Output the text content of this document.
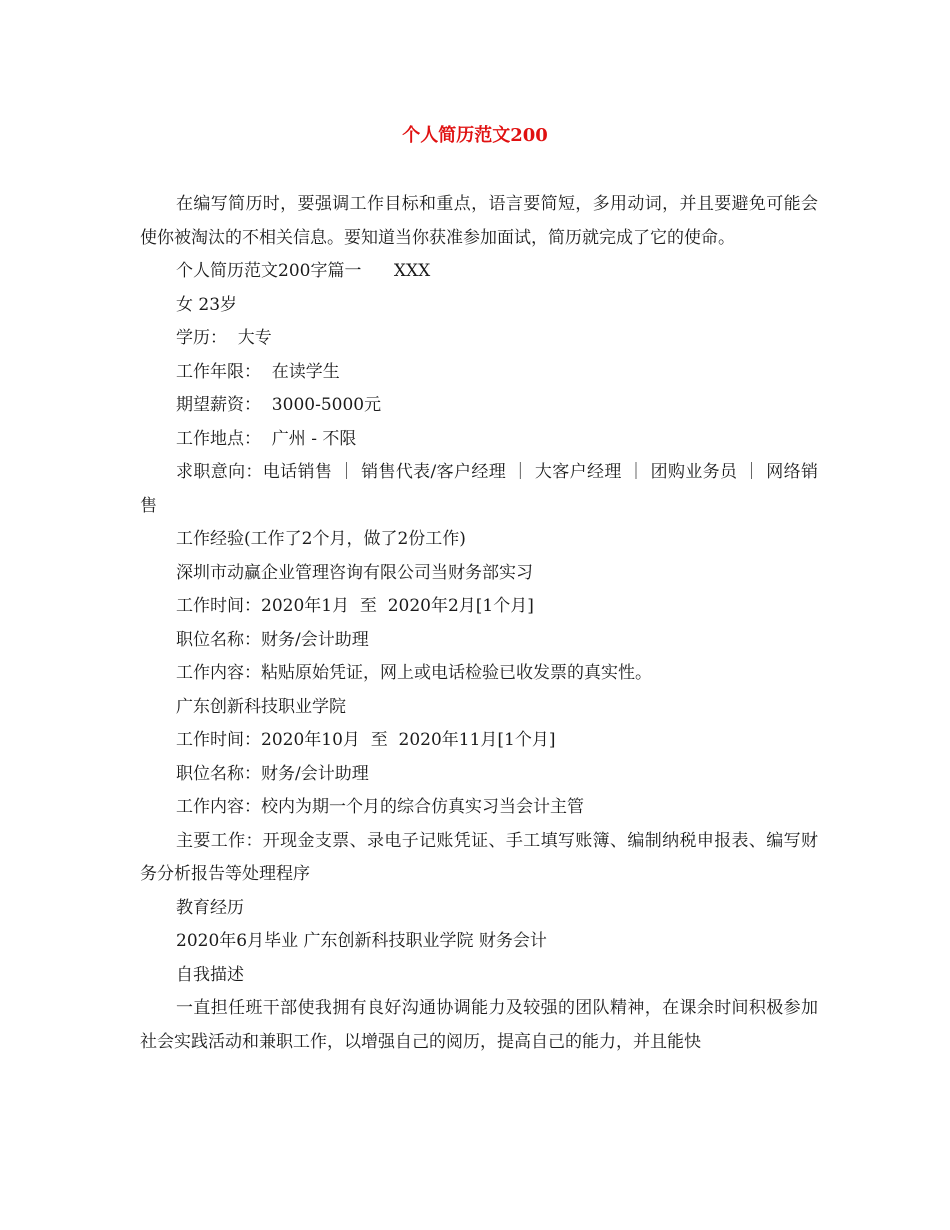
个人简历范文200

在编写简历时，要强调工作目标和重点，语言要简短，多用动词，并且要避免可能会使你被淘汰的不相关信息。要知道当你获准参加面试，简历就完成了它的使命。

个人简历范文200字篇一      XXX

女 23岁

学历：  大专

工作年限：  在读学生

期望薪资：  3000-5000元

工作地点：  广州 - 不限

求职意向：电话销售 ｜ 销售代表/客户经理 ｜ 大客户经理 ｜ 团购业务员 ｜ 网络销售

工作经验(工作了2个月，做了2份工作)

深圳市动赢企业管理咨询有限公司当财务部实习

工作时间：2020年1月  至  2020年2月[1个月]

职位名称：财务/会计助理

工作内容：粘贴原始凭证，网上或电话检验已收发票的真实性。

广东创新科技职业学院

工作时间：2020年10月  至  2020年11月[1个月]

职位名称：财务/会计助理

工作内容：校内为期一个月的综合仿真实习当会计主管

主要工作：开现金支票、录电子记账凭证、手工填写账簿、编制纳税申报表、编写财务分析报告等处理程序

教育经历

2020年6月毕业 广东创新科技职业学院 财务会计

自我描述

一直担任班干部使我拥有良好沟通协调能力及较强的团队精神，在课余时间积极参加社会实践活动和兼职工作，以增强自己的阅历，提高自己的能力，并且能快
